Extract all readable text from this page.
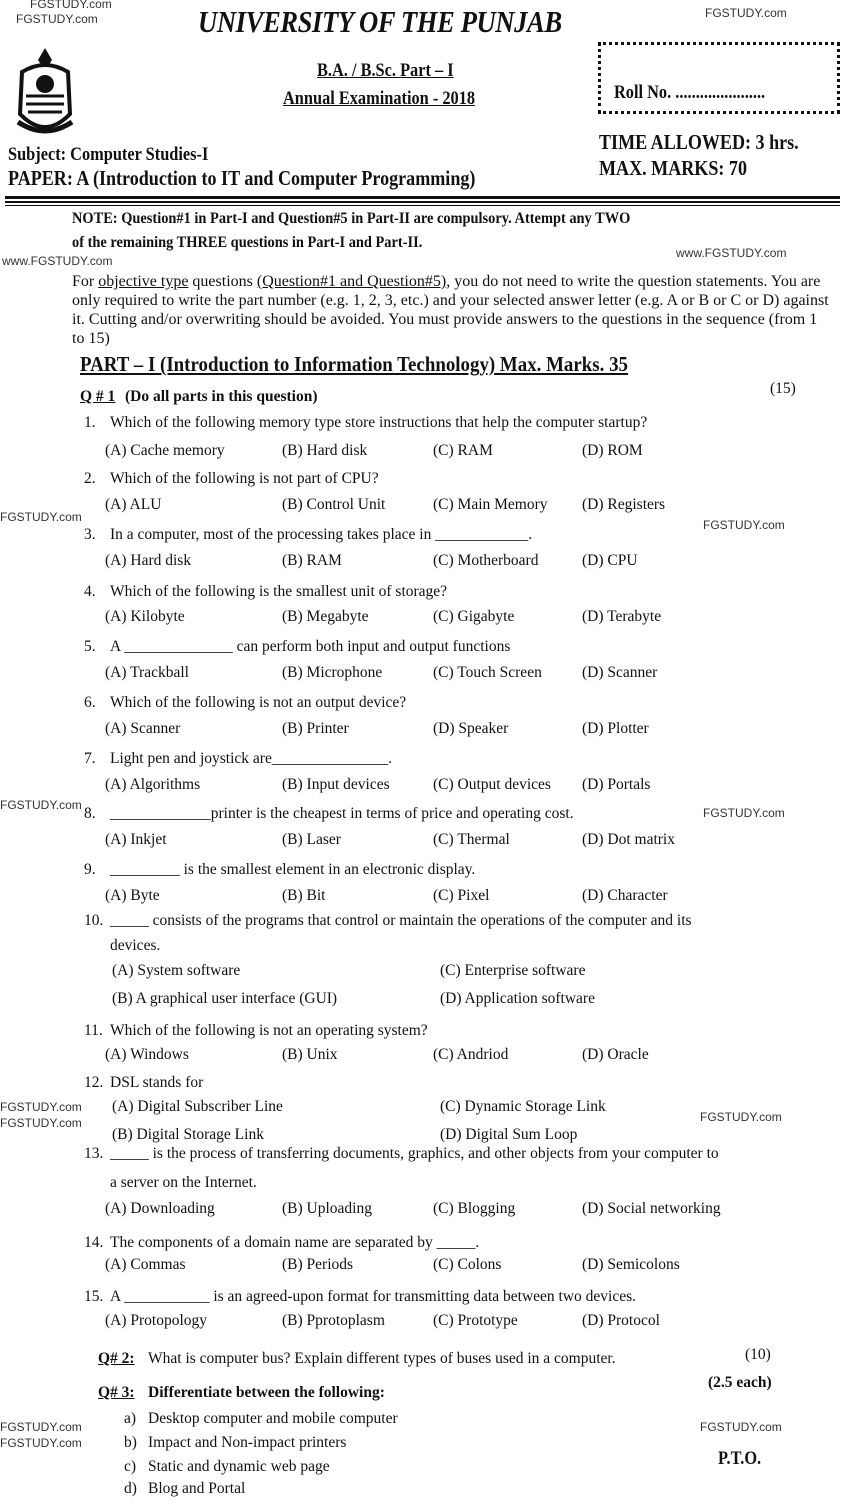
FGSTUDY.com
FGSTUDY.com	FGSTUDY.com
www.FGSTUDY.com
www.FGSTUDY.com
FGSTUDY.com
FGSTUDY.com
FGSTUDY.com
FGSTUDY.com
FGSTUDY.com
FGSTUDY.com	FGSTUDY.com
FGSTUDY.com
FGSTUDY.com
FGSTUDY.com
UNIVERSITY OF THE PUNJAB
B.A. / B.Sc. Part – I
Annual Examination - 2018	Roll No. ......................
Subject: Computer Studies-I
PAPER: A (Introduction to IT and Computer Programming)
TIME ALLOWED: 3 hrs.
MAX. MARKS: 70
NOTE: Question#1 in Part-I and Question#5 in Part-II are compulsory. Attempt any TWO
of the remaining THREE questions in Part-I and Part-II.
For objective type questions (Question#1 and Question#5), you do not need to write the question statements. You are only required to write the part number (e.g. 1, 2, 3, etc.) and your selected answer letter (e.g. A or B or C or D) against it. Cutting and/or overwriting should be avoided. You must provide answers to the questions in the sequence (from 1 to 15)
PART – I (Introduction to Information Technology) Max. Marks. 35
Q # 1 (Do all parts in this question)	(15)
1. Which of the following memory type store instructions that help the computer startup?
(A) Cache memory	(B) Hard disk	(C) RAM	(D) ROM
2. Which of the following is not part of CPU?
(A) ALU	(B) Control Unit	(C) Main Memory (D) Registers
3. In a computer, most of the processing takes place in ____________.
(A) Hard disk	(B) RAM	(C) Motherboard	(D) CPU
4. Which of the following is the smallest unit of storage?
(A) Kilobyte	(B) Megabyte	(C) Gigabyte	(D) Terabyte
5. A ______________ can perform both input and output functions
(A) Trackball	(B) Microphone	(C) Touch Screen	(D) Scanner
6. Which of the following is not an output device?
(A) Scanner	(B) Printer	(D) Speaker	(D) Plotter
7. Light pen and joystick are_______________.
(A) Algorithms	(B) Input devices	(C) Output devices (D) Portals
8. _____________printer is the cheapest in terms of price and operating cost.
(A) Inkjet	(B) Laser	(C) Thermal	(D) Dot matrix
9. _________ is the smallest element in an electronic display.
(A) Byte	(B) Bit	(C) Pixel	(D) Character
10. _____ consists of the programs that control or maintain the operations of the computer and its
devices.
(A) System software	(C) Enterprise software
(B) A graphical user interface (GUI)	(D) Application software
11. Which of the following is not an operating system?
(A) Windows	(B) Unix	(C) Andriod	(D) Oracle
12. DSL stands for
(A) Digital Subscriber Line	(C) Dynamic Storage Link
(B) Digital Storage Link	(D) Digital Sum Loop
13. _____ is the process of transferring documents, graphics, and other objects from your computer to
a server on the Internet.
(A) Downloading	(B) Uploading	(C) Blogging	(D) Social networking
14. The components of a domain name are separated by _____.
(A) Commas	(B) Periods	(C) Colons	(D) Semicolons
15. A ___________ is an agreed-upon format for transmitting data between two devices.
(A) Protopology	(B) Pprotoplasm	(C) Prototype	(D) Protocol
Q# 2: What is computer bus? Explain different types of buses used in a computer.	(10)
Q# 3: Differentiate between the following:
(2.5 each)
a) Desktop computer and mobile computer
b) Impact and Non-impact printers
c) Static and dynamic web page
d) Blog and Portal
P.T.O.
